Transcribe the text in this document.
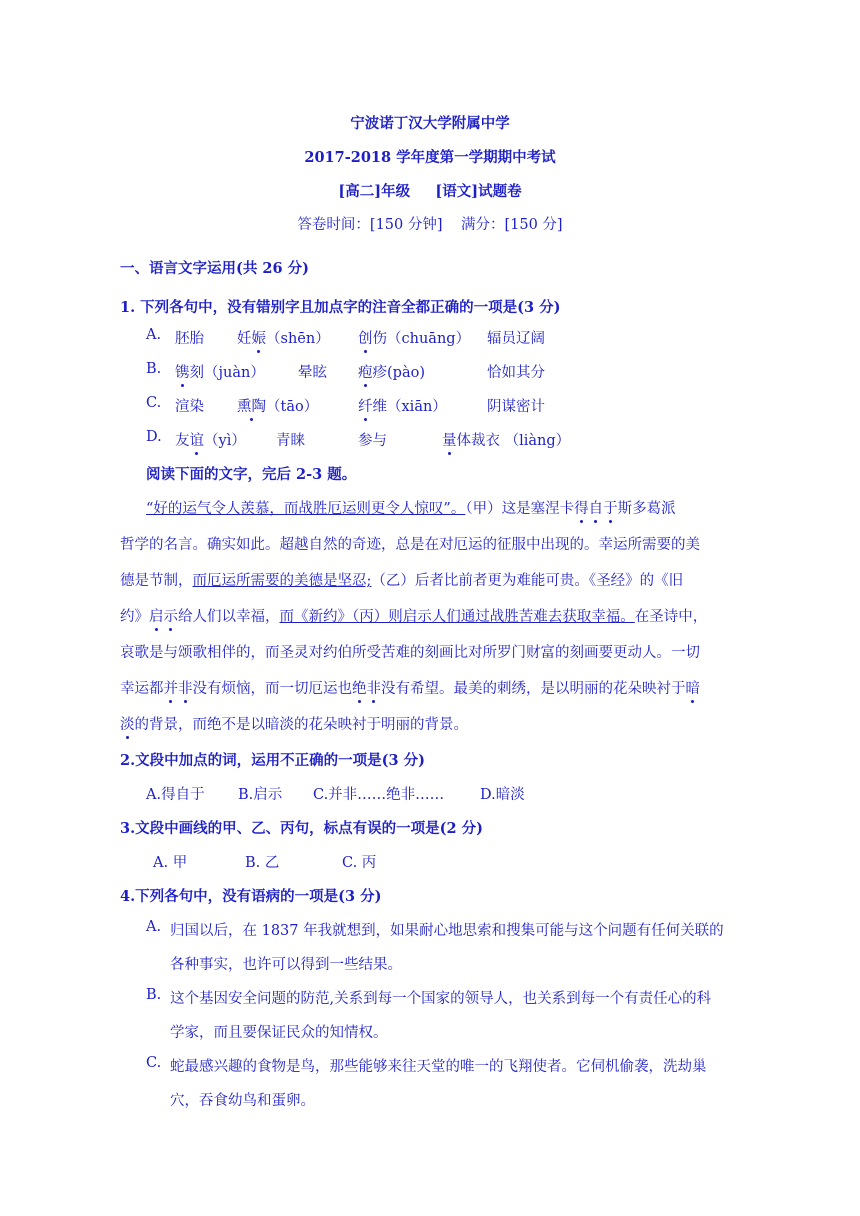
宁波诺丁汉大学附属中学
2017-2018 学年度第一学期期中考试
[高二]年级 [语文]试题卷
答卷时间：[150 分钟] 满分：[150 分]
一、语言文字运用(共 26 分)
1. 下列各句中，没有错别字且加点字的注音全都正确的一项是(3 分)
A. 胚胎 妊娠（shēn） 创伤（chuāng） 辐员辽阔
B. 镌刻（juàn） 晕眩 疱疹(pào)	恰如其分
C. 渲染 熏陶（tāo）	纤维（xiān）	阴谋密计
D. 友谊（yì） 青睐	参与	量体裁衣 （liàng）
阅读下面的文字，完后 2-3 题。
“好的运气令人羡慕，而战胜厄运则更令人惊叹”。（甲）这是塞涅卡得自于斯多葛派
哲学的名言。确实如此。超越自然的奇迹，总是在对厄运的征服中出现的。幸运所需要的美
德是节制，而厄运所需要的美德是坚忍;（乙）后者比前者更为难能可贵。《圣经》的《旧
约》启示给人们以幸福，而《新约》（丙）则启示人们通过战胜苦难去获取幸福。在圣诗中，
哀歌是与颂歌相伴的，而圣灵对约伯所受苦难的刻画比对所罗门财富的刻画要更动人。一切
幸运都并非没有烦恼，而一切厄运也绝非没有希望。最美的刺绣，是以明丽的花朵映衬于暗
淡的背景，而绝不是以暗淡的花朵映衬于明丽的背景。
2.文段中加点的词，运用不正确的一项是(3 分)
A.得自于 B.启示 C.并非……绝非…… D.暗淡
3.文段中画线的甲、乙、丙句，标点有误的一项是(2 分)
A. 甲	B. 乙	C. 丙
4.下列各句中，没有语病的一项是(3 分)
A. 归国以后，在 1837 年我就想到，如果耐心地思索和搜集可能与这个问题有任何关联的
各种事实，也许可以得到一些结果。
B. 这个基因安全问题的防范,关系到每一个国家的领导人，也关系到每一个有责任心的科
学家，而且要保证民众的知情权。
C. 蛇最感兴趣的食物是鸟，那些能够来往天堂的唯一的飞翔使者。它伺机偷袭，洗劫巢
穴，吞食幼鸟和蛋卵。
